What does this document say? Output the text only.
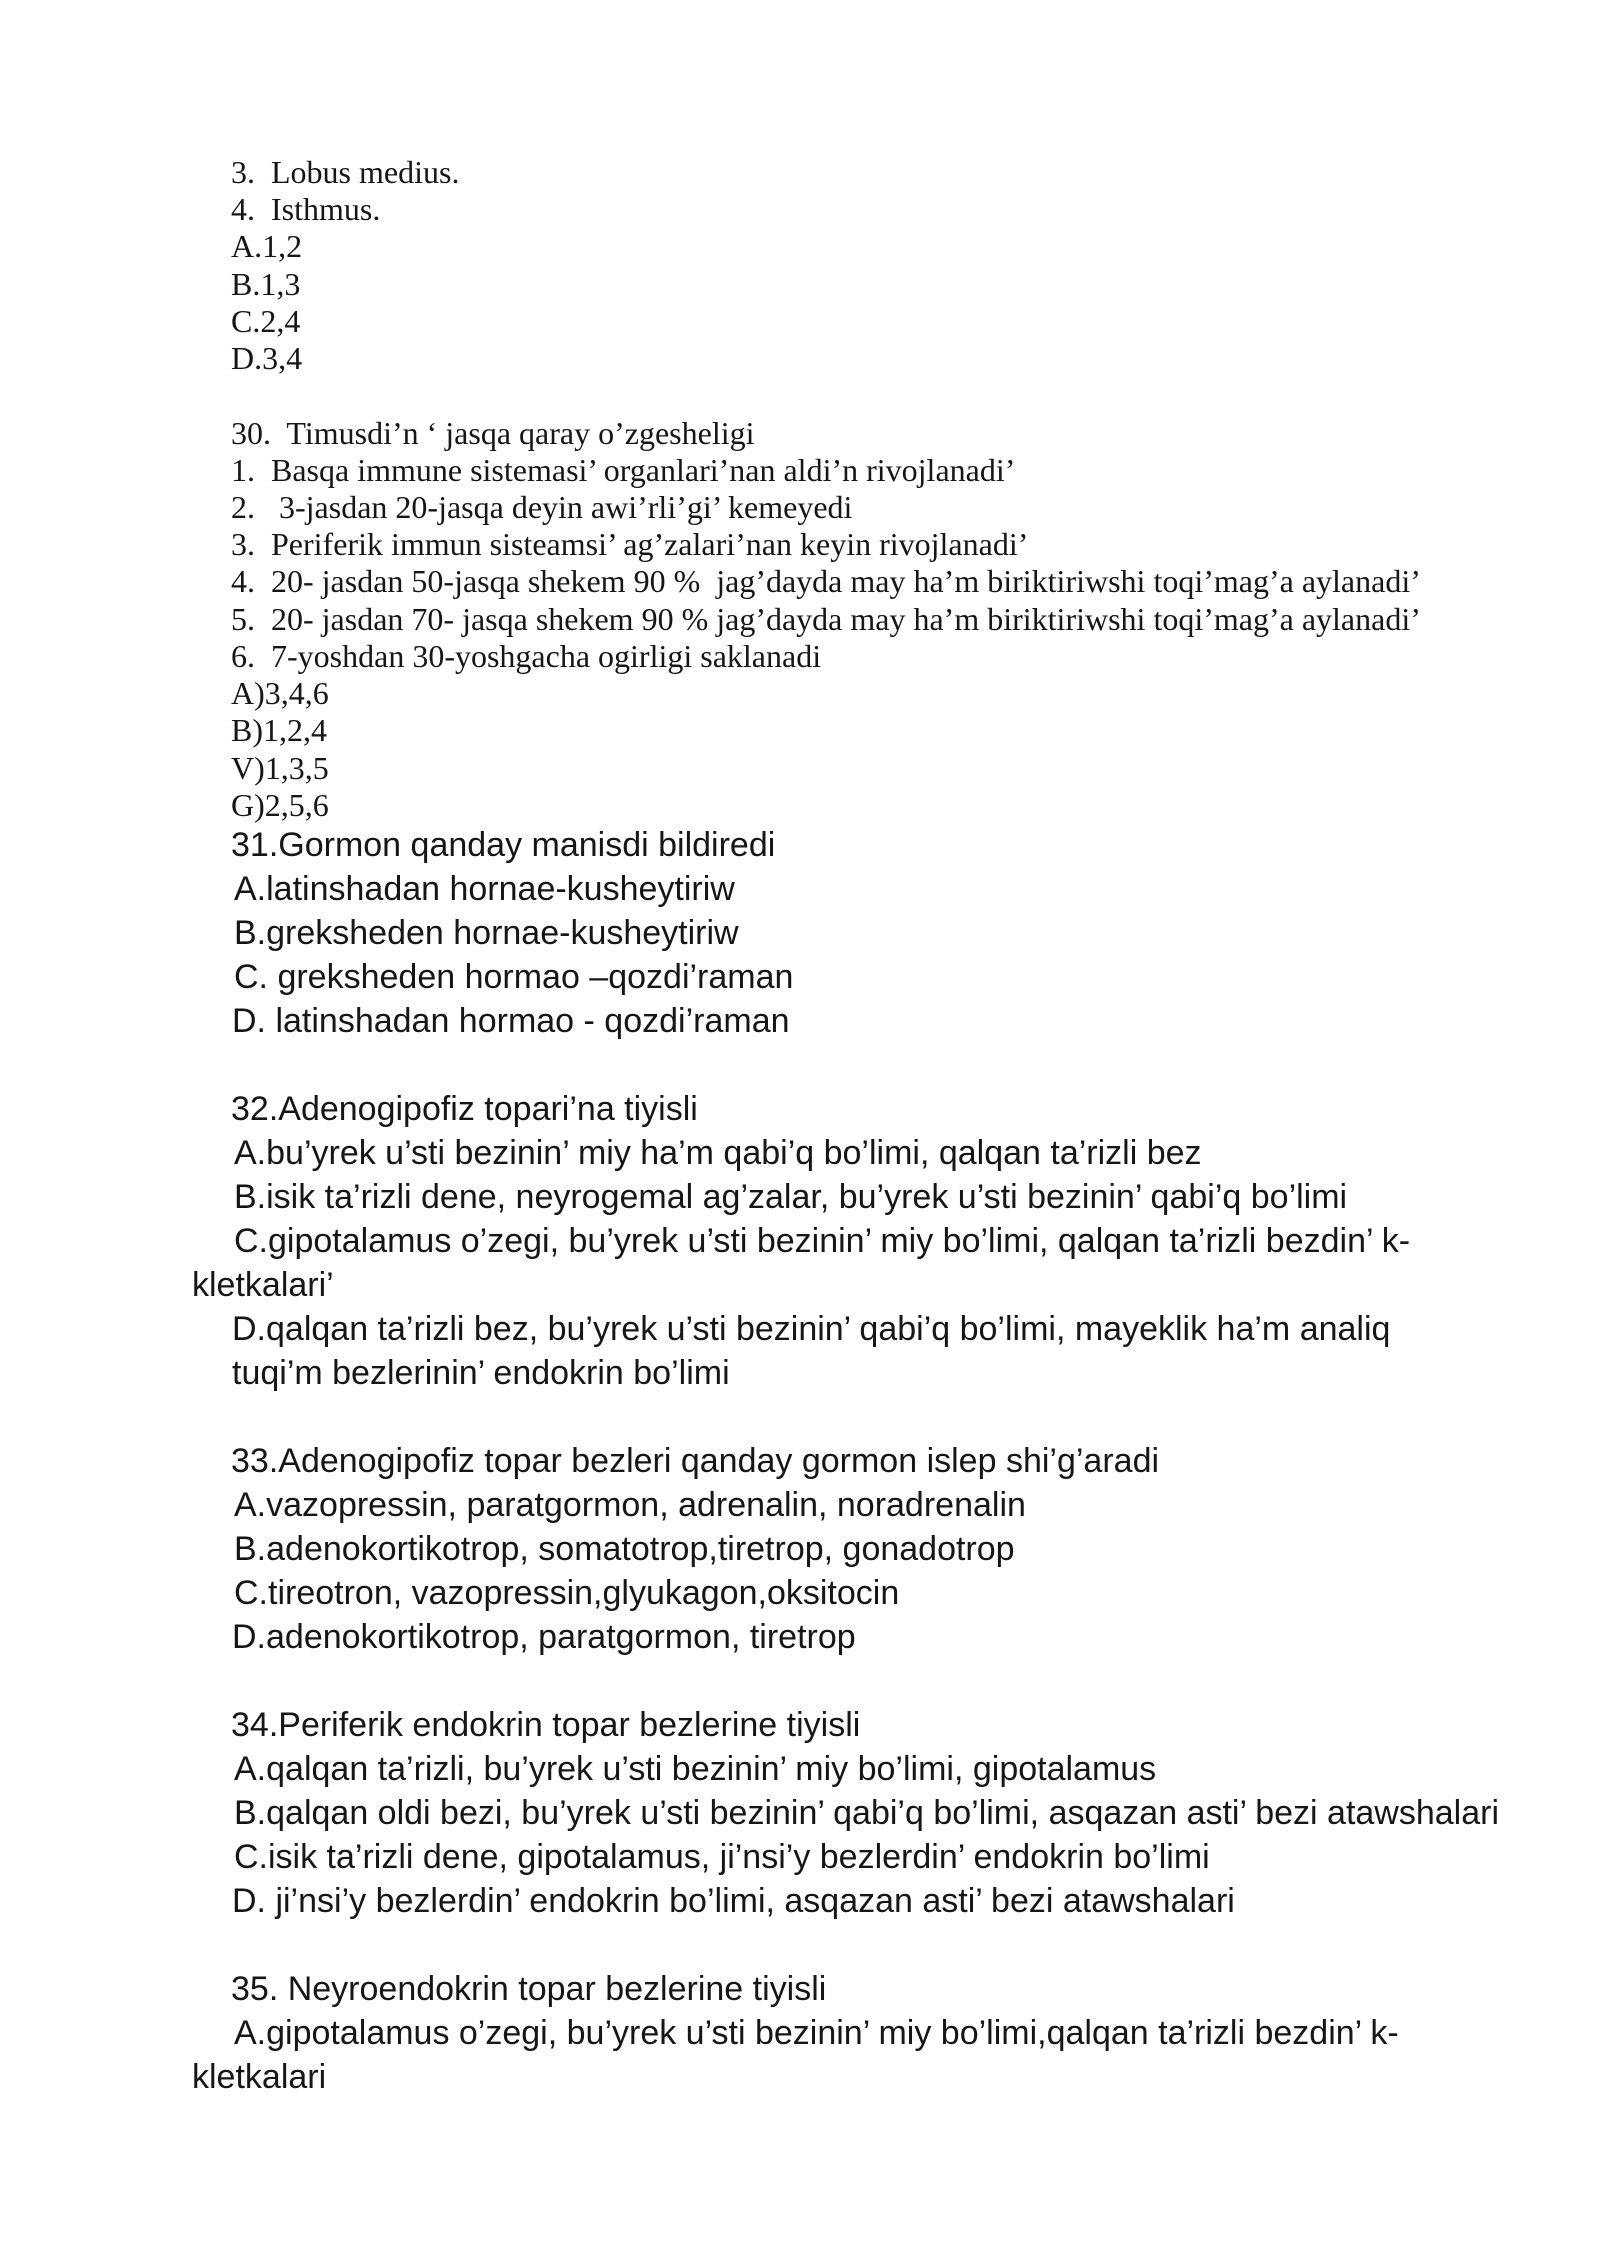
3.  Lobus medius.
4.  Isthmus.
A.1,2
B.1,3
C.2,4
D.3,4
30.  Timusdi’n ‘ jasqa qaray o’zgesheligi
1.  Basqa immune sistemasi’ organlari’nan aldi’n rivojlanadi’
2.   3-jasdan 20-jasqa deyin awi’rli’gi’ kemeyedi
3.  Periferik immun sisteamsi’ ag’zalari’nan keyin rivojlanadi’
4.  20- jasdan 50-jasqa shekem 90 %  jag’dayda may ha’m biriktiriwshi toqi’mag’a aylanadi’
5.  20- jasdan 70- jasqa shekem 90 % jag’dayda may ha’m biriktiriwshi toqi’mag’a aylanadi’
6.  7-yoshdan 30-yoshgacha ogirligi saklanadi
A)3,4,6
B)1,2,4
V)1,3,5
G)2,5,6
31.Gormon qanday manisdi bildiredi
A.latinshadan hornae-kusheytiriw
B.greksheden hornae-kusheytiriw
C. greksheden hormao –qozdi’raman
D. latinshadan hormao - qozdi’raman
32.Adenogipofiz topari’na tiyisli
A.bu’yrek u’sti bezinin’ miy ha’m qabi’q bo’limi, qalqan ta’rizli bez
B.isik ta’rizli dene, neyrogemal ag’zalar, bu’yrek u’sti bezinin’ qabi’q bo’limi
C.gipotalamus o’zegi, bu’yrek u’sti bezinin’ miy bo’limi, qalqan ta’rizli bezdin’ k-
kletkalari’
D.qalqan ta’rizli bez, bu’yrek u’sti bezinin’ qabi’q bo’limi, mayeklik ha’m analiq
tuqi’m bezlerinin’ endokrin bo’limi
33.Adenogipofiz topar bezleri qanday gormon islep shi’g’aradi
A.vazopressin, paratgormon, adrenalin, noradrenalin
B.adenokortikotrop, somatotrop,tiretrop, gonadotrop
C.tireotron, vazopressin,glyukagon,oksitocin
D.adenokortikotrop, paratgormon, tiretrop
34.Periferik endokrin topar bezlerine tiyisli
A.qalqan ta’rizli, bu’yrek u’sti bezinin’ miy bo’limi, gipotalamus
B.qalqan oldi bezi, bu’yrek u’sti bezinin’ qabi’q bo’limi, asqazan asti’ bezi atawshalari
C.isik ta’rizli dene, gipotalamus, ji’nsi’y bezlerdin’ endokrin bo’limi
D. ji’nsi’y bezlerdin’ endokrin bo’limi, asqazan asti’ bezi atawshalari
35. Neyroendokrin topar bezlerine tiyisli
A.gipotalamus o’zegi, bu’yrek u’sti bezinin’ miy bo’limi,qalqan ta’rizli bezdin’ k-
kletkalari
